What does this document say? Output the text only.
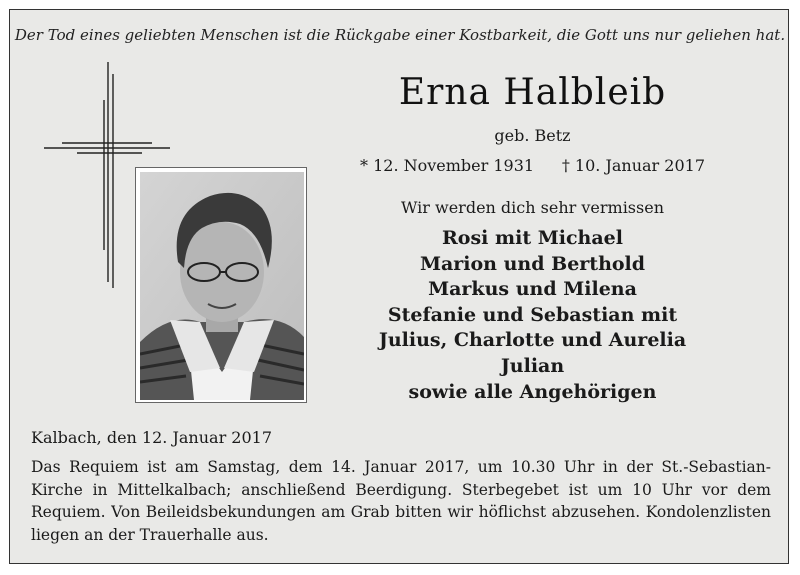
Der Tod eines geliebten Menschen ist die Rückgabe einer Kostbarkeit, die Gott uns nur geliehen hat.
Erna Halbleib
geb. Betz
* 12. November 1931 † 10. Januar 2017
Wir werden dich sehr vermissen
Rosi mit Michael
Marion und Berthold
Markus und Milena
Stefanie und Sebastian mit
Julius, Charlotte und Aurelia
Julian
sowie alle Angehörigen
Kalbach, den 12. Januar 2017
Das Requiem ist am Samstag, dem 14. Januar 2017, um 10.30 Uhr in der St.-Sebastian-Kirche in Mittelkalbach; anschließend Beerdigung. Sterbegebet ist um 10 Uhr vor dem Requiem. Von Beileidsbekundungen am Grab bitten wir höflichst abzusehen. Kondolenzlisten liegen an der Trauerhalle aus.
